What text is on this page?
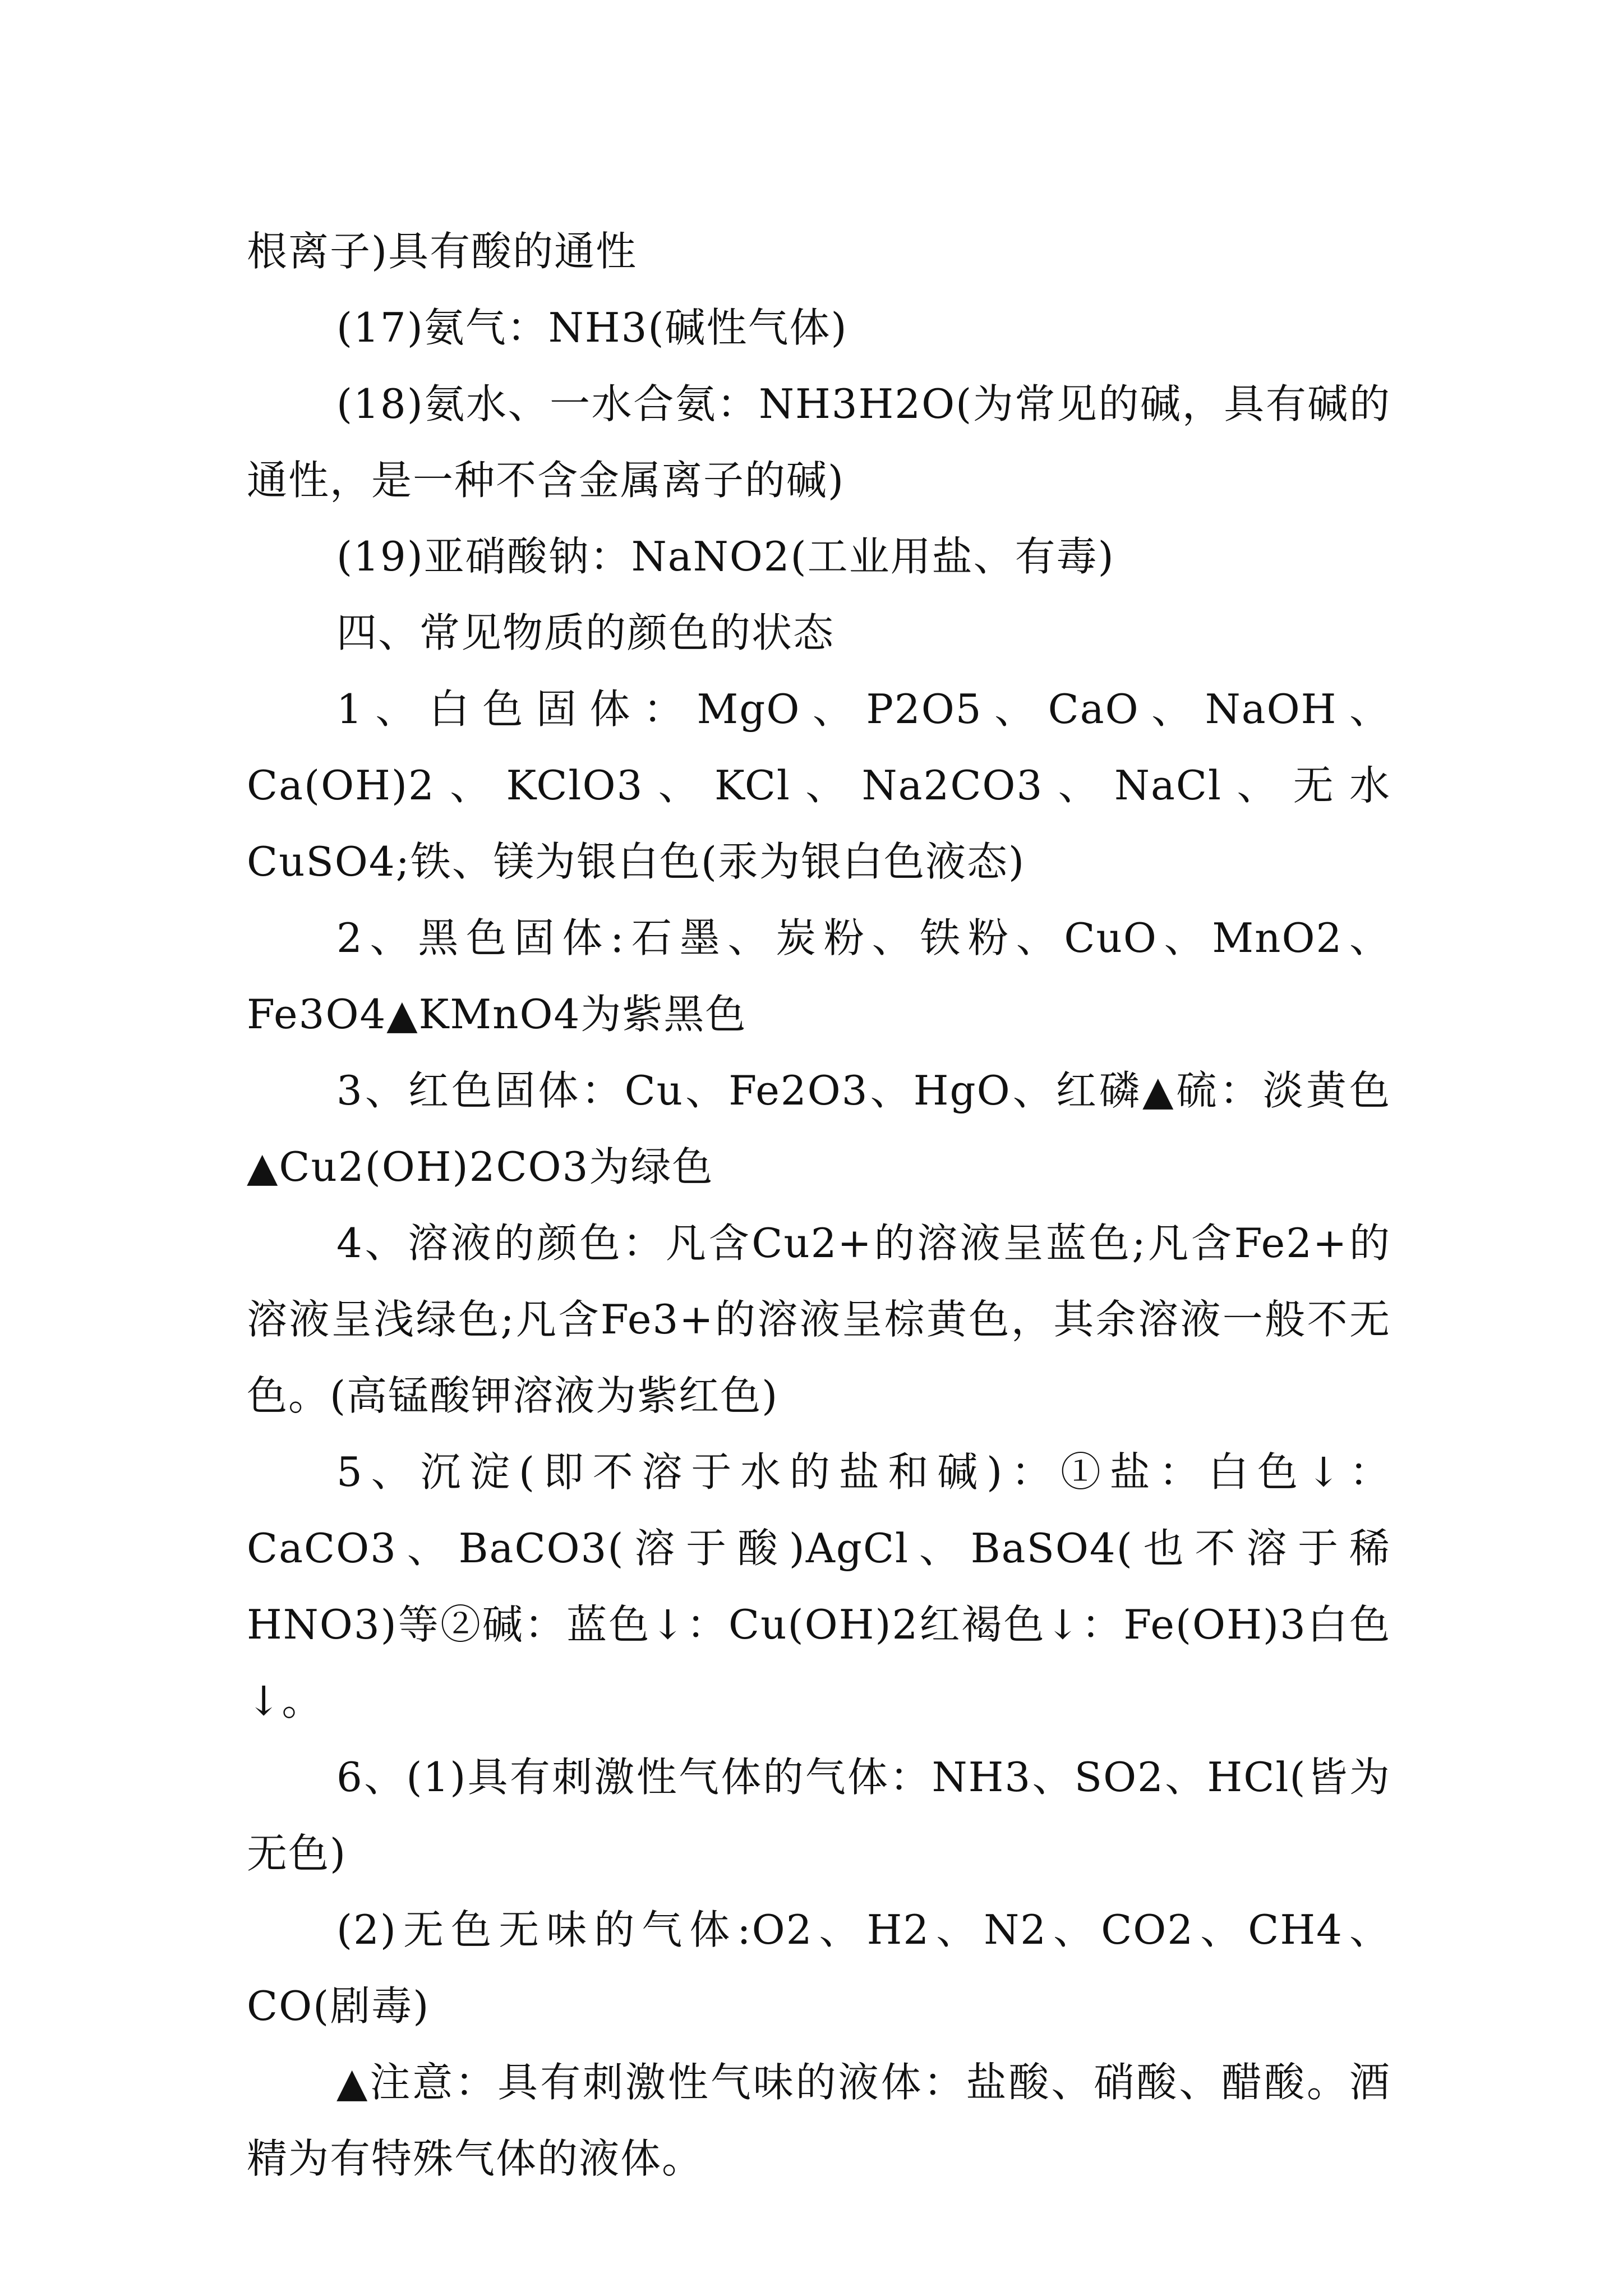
根离子)具有酸的通性

(17)氨气：NH3(碱性气体)

(18)氨水、一水合氨：NH3H2O(为常见的碱，具有碱的通性，是一种不含金属离子的碱)

(19)亚硝酸钠：NaNO2(工业用盐、有毒)

四、常见物质的颜色的状态

1、白色固体：MgO、P2O5、CaO、NaOH、Ca(OH)2、KClO3、KCl、Na2CO3、NaCl、无水CuSO4;铁、镁为银白色(汞为银白色液态)

2、黑色固体:石墨、炭粉、铁粉、CuO、MnO2、Fe3O4▲KMnO4为紫黑色

3、红色固体：Cu、Fe2O3、HgO、红磷▲硫：淡黄色▲Cu2(OH)2CO3为绿色

4、溶液的颜色：凡含Cu2+的溶液呈蓝色;凡含Fe2+的溶液呈浅绿色;凡含Fe3+的溶液呈棕黄色，其余溶液一般不无色。(高锰酸钾溶液为紫红色)

5、沉淀(即不溶于水的盐和碱)：①盐：白色↓：CaCO3、BaCO3(溶于酸)AgCl、BaSO4(也不溶于稀HNO3)等②碱：蓝色↓：Cu(OH)2红褐色↓：Fe(OH)3白色↓。

6、(1)具有刺激性气体的气体：NH3、SO2、HCl(皆为无色)

(2)无色无味的气体:O2、H2、N2、CO2、CH4、CO(剧毒)

▲注意：具有刺激性气味的液体：盐酸、硝酸、醋酸。酒精为有特殊气体的液体。
